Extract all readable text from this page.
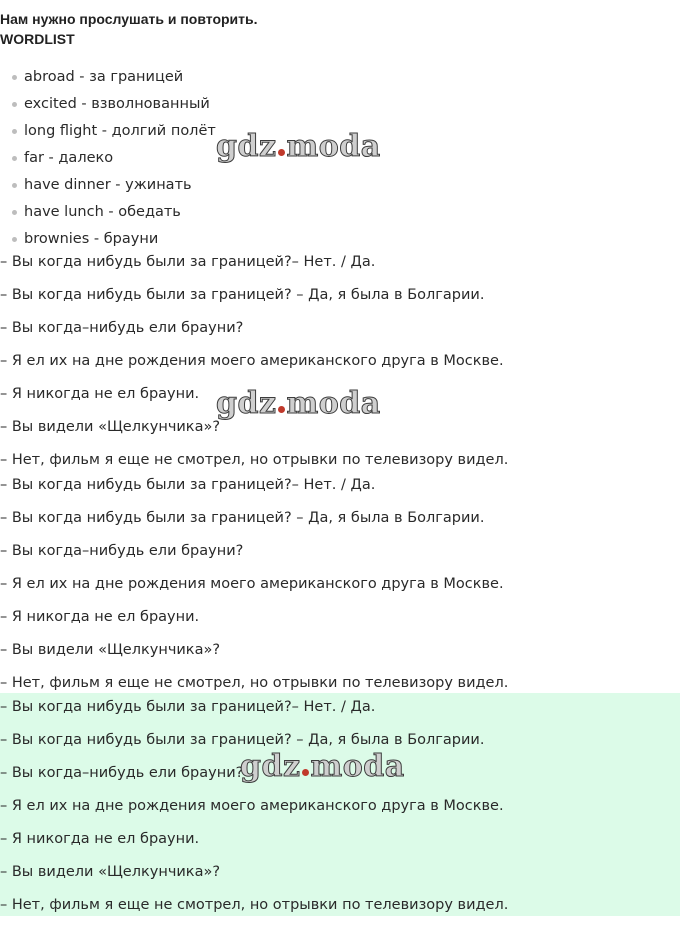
Нам нужно прослушать и повторить.
WORDLIST
abroad - за границей
excited - взволнованный
long flight - долгий полёт
far - далеко
have dinner - ужинать
have lunch - обедать
brownies - брауни
– Вы когда нибудь были за границей?– Нет. / Да.
– Вы когда нибудь были за границей? – Да, я была в Болгарии.
– Вы когда–нибудь ели брауни?
– Я ел их на дне рождения моего американского друга в Москве.
– Я никогда не ел брауни.
– Вы видели «Щелкунчика»?
– Нет, фильм я еще не смотрел, но отрывки по телевизору видел.
– Вы когда нибудь были за границей?– Нет. / Да.
– Вы когда нибудь были за границей? – Да, я была в Болгарии.
– Вы когда–нибудь ели брауни?
– Я ел их на дне рождения моего американского друга в Москве.
– Я никогда не ел брауни.
– Вы видели «Щелкунчика»?
– Нет, фильм я еще не смотрел, но отрывки по телевизору видел.
– Вы когда нибудь были за границей?– Нет. / Да.
– Вы когда нибудь были за границей? – Да, я была в Болгарии.
– Вы когда–нибудь ели брауни?
– Я ел их на дне рождения моего американского друга в Москве.
– Я никогда не ел брауни.
– Вы видели «Щелкунчика»?
– Нет, фильм я еще не смотрел, но отрывки по телевизору видел.
gdz moda
gdz moda
gdz moda
